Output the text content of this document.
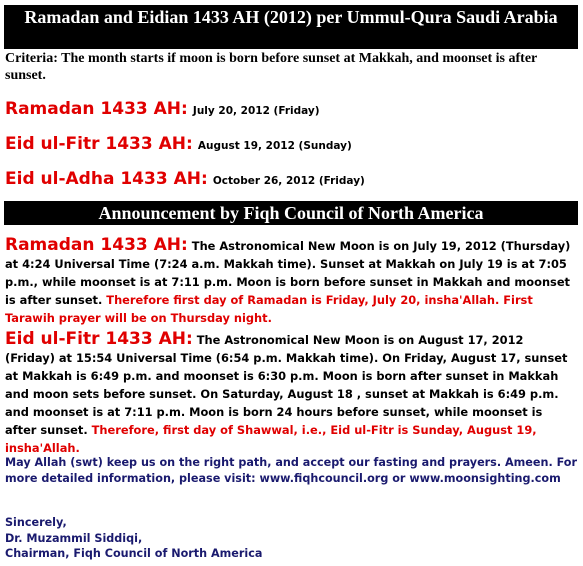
Ramadan and Eidian 1433 AH (2012) per Ummul-Qura Saudi Arabia
Criteria: The month starts if moon is born before sunset at Makkah, and moonset is after sunset.
Ramadan 1433 AH: July 20, 2012 (Friday)
Eid ul-Fitr 1433 AH: August 19, 2012 (Sunday)
Eid ul-Adha 1433 AH: October 26, 2012 (Friday)
Announcement by Fiqh Council of North America
Ramadan 1433 AH: The Astronomical New Moon is on July 19, 2012 (Thursday) at 4:24 Universal Time (7:24 a.m. Makkah time). Sunset at Makkah on July 19 is at 7:05 p.m., while moonset is at 7:11 p.m. Moon is born before sunset in Makkah and moonset is after sunset. Therefore first day of Ramadan is Friday, July 20, insha'Allah. First Tarawih prayer will be on Thursday night.
Eid ul-Fitr 1433 AH: The Astronomical New Moon is on August 17, 2012 (Friday) at 15:54 Universal Time (6:54 p.m. Makkah time). On Friday, August 17, sunset at Makkah is 6:49 p.m. and moonset is 6:30 p.m. Moon is born after sunset in Makkah and moon sets before sunset. On Saturday, August 18 , sunset at Makkah is 6:49 p.m. and moonset is at 7:11 p.m. Moon is born 24 hours before sunset, while moonset is after sunset. Therefore, first day of Shawwal, i.e., Eid ul-Fitr is Sunday, August 19, insha'Allah.
May Allah (swt) keep us on the right path, and accept our fasting and prayers. Ameen. For more detailed information, please visit: www.fiqhcouncil.org or www.moonsighting.com
Sincerely,
Dr. Muzammil Siddiqi,
Chairman, Fiqh Council of North America
